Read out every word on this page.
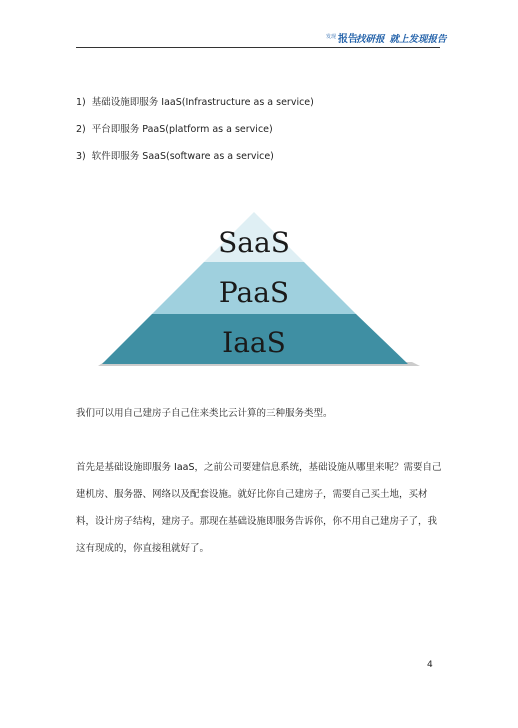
发现 报告
找研报 就上发现报告
1) 基础设施即服务 IaaS(Infrastructure as a service)
2) 平台即服务 PaaS(platform as a service)
3) 软件即服务 SaaS(software as a service)
SaaS
PaaS
IaaS

我们可以用自己建房子自己住来类比云计算的三种服务类型。

首先是基础设施即服务 IaaS，之前公司要建信息系统，基础设施从哪里来呢？需要自己建机房、服务器、网络以及配套设施。就好比你自己建房子，需要自己买土地，买材料，设计房子结构，建房子。那现在基础设施即服务告诉你，你不用自己建房子了，我这有现成的，你直接租就好了。

4
